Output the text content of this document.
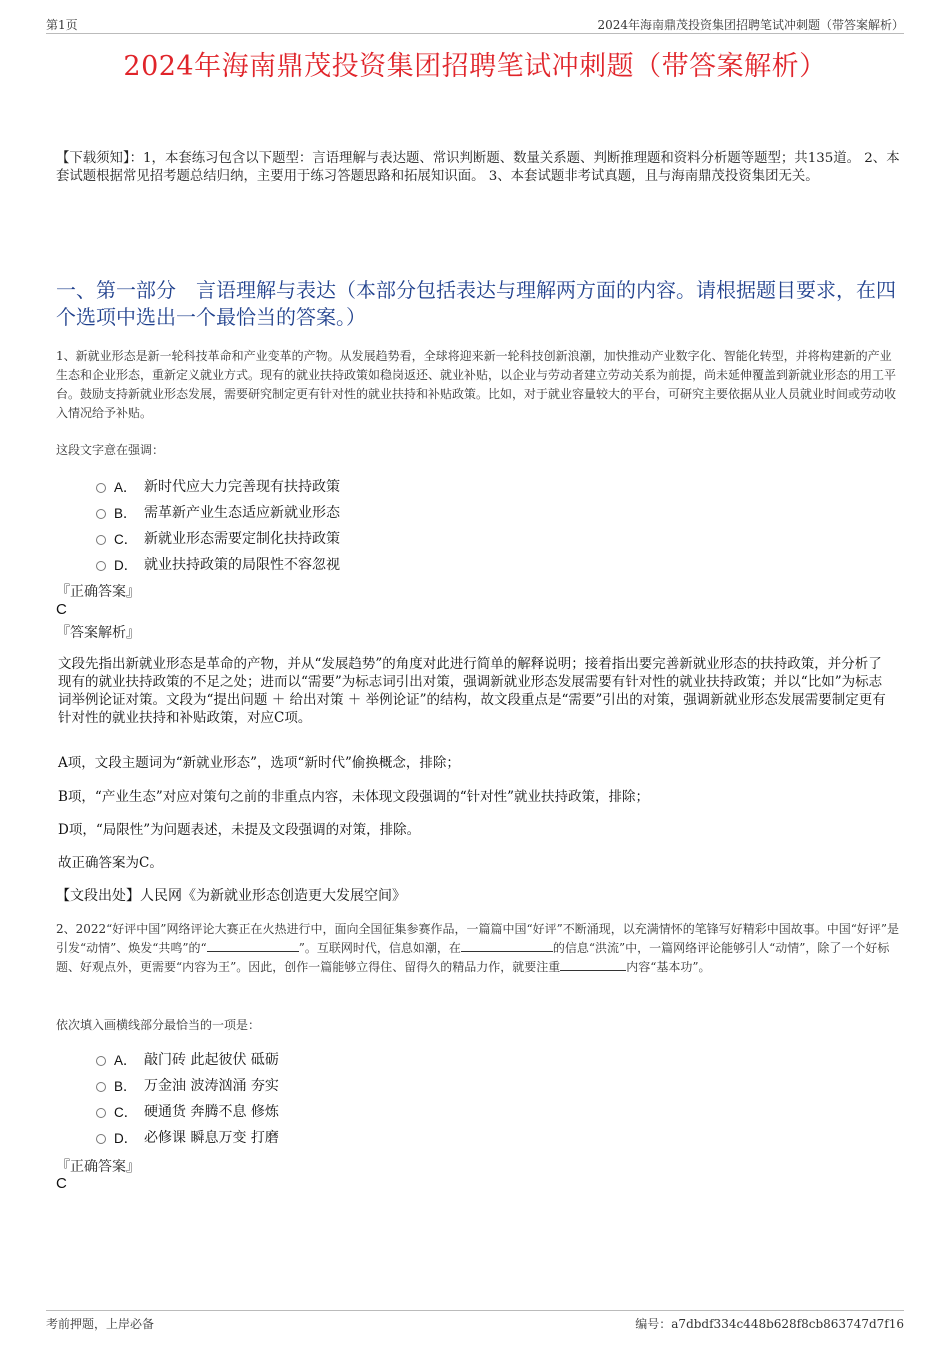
第1页	2024年海南鼎茂投资集团招聘笔试冲刺题（带答案解析）
2024年海南鼎茂投资集团招聘笔试冲刺题（带答案解析）
【下载须知】：1，本套练习包含以下题型：言语理解与表达题、常识判断题、数量关系题、判断推理题和资料分析题等题型；共135道。 2、本套试题根据常见招考题总结归纳，主要用于练习答题思路和拓展知识面。 3、本套试题非考试真题，且与海南鼎茂投资集团无关。
一、第一部分　言语理解与表达（本部分包括表达与理解两方面的内容。请根据题目要求，在四个选项中选出一个最恰当的答案。）
1、新就业形态是新一轮科技革命和产业变革的产物。从发展趋势看，全球将迎来新一轮科技创新浪潮，加快推动产业数字化、智能化转型，并将构建新的产业生态和企业形态，重新定义就业方式。现有的就业扶持政策如稳岗返还、就业补贴，以企业与劳动者建立劳动关系为前提，尚未延伸覆盖到新就业形态的用工平台。鼓励支持新就业形态发展，需要研究制定更有针对性的就业扶持和补贴政策。比如，对于就业容量较大的平台，可研究主要依据从业人员就业时间或劳动收入情况给予补贴。
这段文字意在强调：
A． 新时代应大力完善现有扶持政策
B． 需革新产业生态适应新就业形态
C． 新就业形态需要定制化扶持政策
D． 就业扶持政策的局限性不容忽视
『正确答案』
C
『答案解析』
文段先指出新就业形态是革命的产物，并从“发展趋势”的角度对此进行简单的解释说明；接着指出要完善新就业形态的扶持政策，并分析了现有的就业扶持政策的不足之处；进而以“需要”为标志词引出对策，强调新就业形态发展需要有针对性的就业扶持政策；并以“比如”为标志词举例论证对策。文段为“提出问题 ＋ 给出对策 ＋ 举例论证”的结构，故文段重点是“需要”引出的对策，强调新就业形态发展需要制定更有针对性的就业扶持和补贴政策，对应C项。
A项，文段主题词为“新就业形态”，选项“新时代”偷换概念，排除；
B项，“产业生态”对应对策句之前的非重点内容，未体现文段强调的“针对性”就业扶持政策，排除；
D项，“局限性”为问题表述，未提及文段强调的对策，排除。
故正确答案为C。
【文段出处】人民网《为新就业形态创造更大发展空间》
2、2022“好评中国”网络评论大赛正在火热进行中，面向全国征集参赛作品，一篇篇中国“好评”不断涌现，以充满情怀的笔锋写好精彩中国故事。中国“好评”是引发“动情”、焕发“共鸣”的“	”。互联网时代，信息如潮，在	的信息“洪流”中，一篇网络评论能够引人“动情”，除了一个好标题、好观点外，更需要“内容为王”。因此，创作一篇能够立得住、留得久的精品力作，就要注重	内容“基本功”。
依次填入画横线部分最恰当的一项是：
A． 敲门砖 此起彼伏 砥砺
B． 万金油 波涛汹涌 夯实
C． 硬通货 奔腾不息 修炼
D． 必修课 瞬息万变 打磨
『正确答案』
C
考前押题，上岸必备	编号：a7dbdf334c448b628f8cb863747d7f16
